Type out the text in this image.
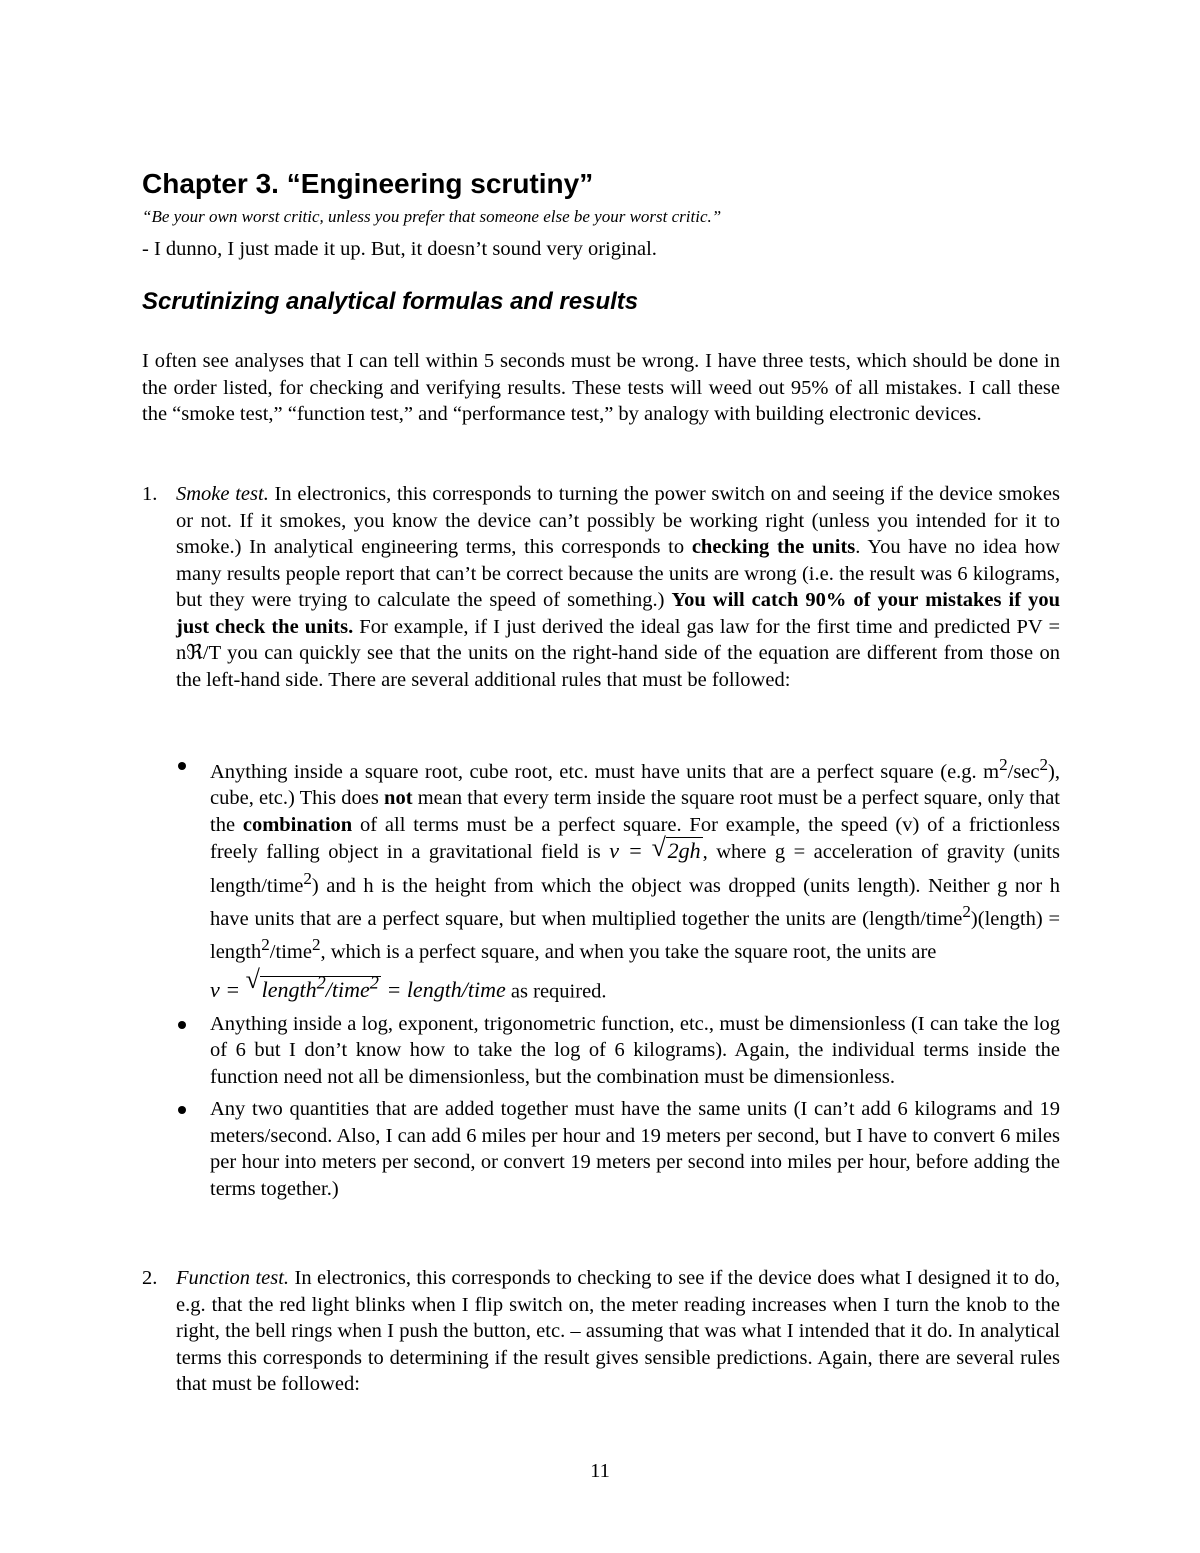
Chapter 3. “Engineering scrutiny”
“Be your own worst critic, unless you prefer that someone else be your worst critic.”
- I dunno, I just made it up. But, it doesn’t sound very original.
Scrutinizing analytical formulas and results

I often see analyses that I can tell within 5 seconds must be wrong. I have three tests, which should be done in the order listed, for checking and verifying results. These tests will weed out 95% of all mistakes. I call these the “smoke test,” “function test,” and “performance test,” by analogy with building electronic devices.

1. Smoke test. In electronics, this corresponds to turning the power switch on and seeing if the device smokes or not. If it smokes, you know the device can’t possibly be working right (unless you intended for it to smoke.) In analytical engineering terms, this corresponds to checking the units. You have no idea how many results people report that can’t be correct because the units are wrong (i.e. the result was 6 kilograms, but they were trying to calculate the speed of something.) You will catch 90% of your mistakes if you just check the units. For example, if I just derived the ideal gas law for the first time and predicted PV = nℜ/T you can quickly see that the units on the right-hand side of the equation are different from those on the left-hand side. There are several additional rules that must be followed:

Anything inside a square root, cube root, etc. must have units that are a perfect square (e.g. $m^2/\sec^2$), cube, etc.) This does not mean that every term inside the square root must be a perfect square, only that the combination of all terms must be a perfect square. For example, the speed (v) of a frictionless freely falling object in a gravitational field is v = √ 2gh, where g = acceleration of gravity (units length/time$^2$) and h is the height from which the object was dropped (units length). Neither g nor h have units that are a perfect square, but when multiplied together the units are (length/time$^2$)(length) = length$^2$/time$^2$, which is a perfect square, and when you take the square root, the units are
v = √ length$^2$/time$^2$ = length/time as required.
Anything inside a log, exponent, trigonometric function, etc., must be dimensionless (I can take the log of 6 but I don’t know how to take the log of 6 kilograms). Again, the individual terms inside the function need not all be dimensionless, but the combination must be dimensionless.
Any two quantities that are added together must have the same units (I can’t add 6 kilograms and 19 meters/second. Also, I can add 6 miles per hour and 19 meters per second, but I have to convert 6 miles per hour into meters per second, or convert 19 meters per second into miles per hour, before adding the terms together.)
2. Function test. In electronics, this corresponds to checking to see if the device does what I designed it to do, e.g. that the red light blinks when I flip switch on, the meter reading increases when I turn the knob to the right, the bell rings when I push the button, etc. – assuming that was what I intended that it do. In analytical terms this corresponds to determining if the result gives sensible predictions. Again, there are several rules that must be followed:

11
